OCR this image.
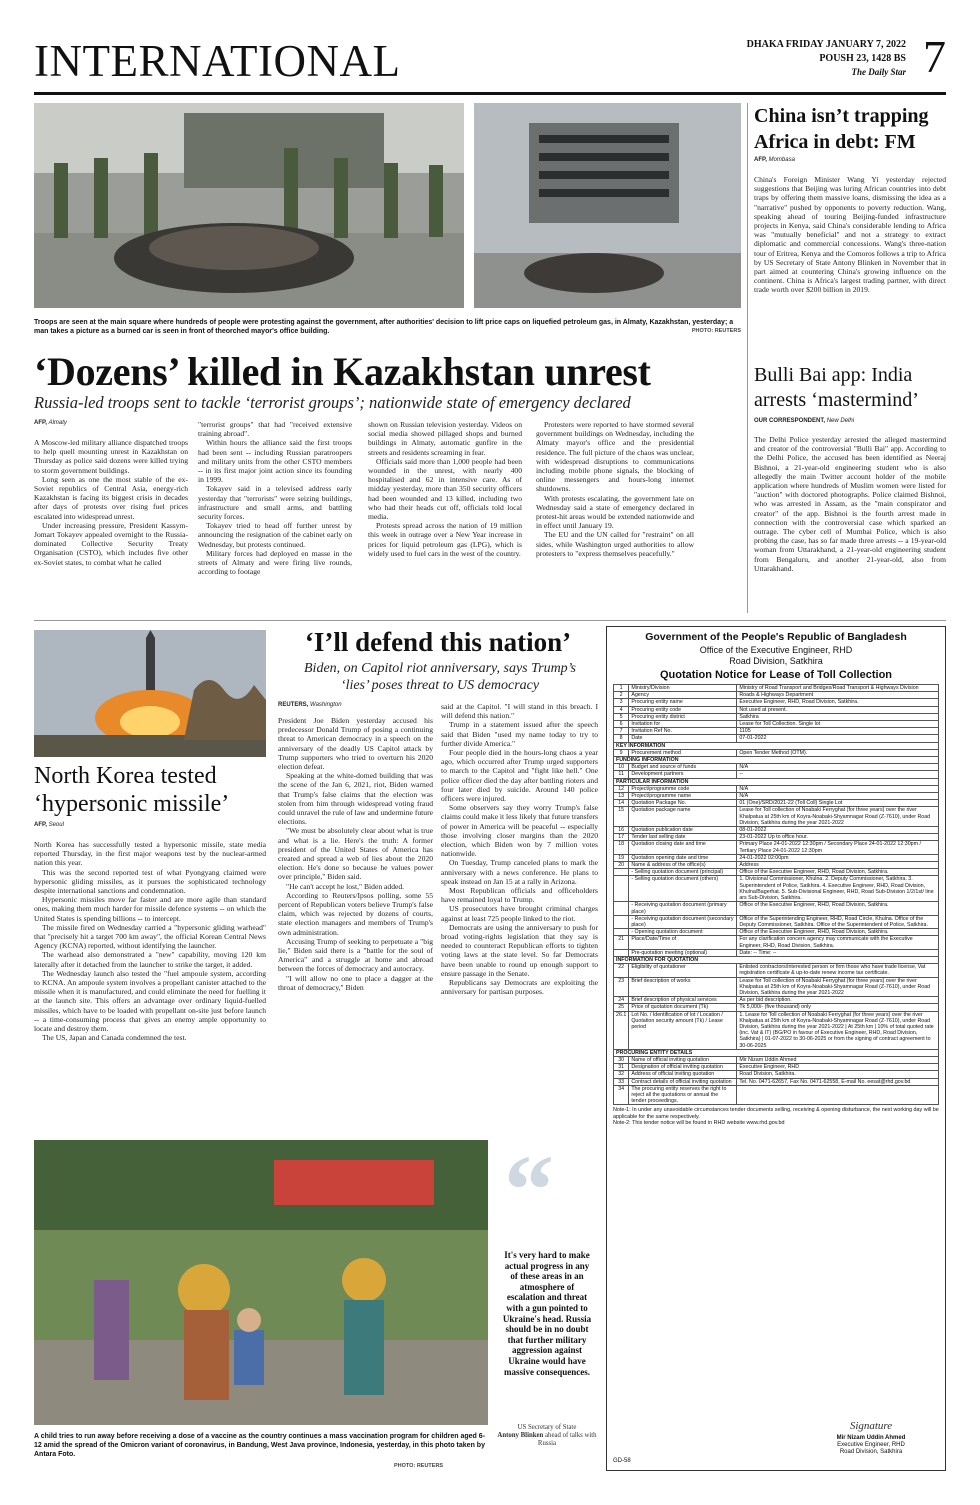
INTERNATIONAL	DHAKA FRIDAY JANUARY 7, 2022
POUSH 23, 1428 BS
The Daily Star 7
Troops are seen at the main square where hundreds of people were protesting against the government, after authorities' decision to lift price caps on liquefied petroleum gas, in Almaty, Kazakhstan, yesterday; a man takes a picture as a burned car is seen in front of theorched mayor's office building.	PHOTO: REUTERS
‘Dozens’ killed in Kazakhstan unrest
Russia-led troops sent to tackle ‘terrorist groups’; nationwide state of emergency declared
AFP, Almaty

A Moscow-led military alliance dispatched troops to help quell mounting unrest in Kazakhstan on Thursday as police said dozens were killed trying to storm government buildings.

Long seen as one the most stable of the ex-Soviet republics of Central Asia, energy-rich Kazakhstan is facing its biggest crisis in decades after days of protests over rising fuel prices escalated into widespread unrest.

Under increasing pressure, President Kassym-Jomart Tokayev appealed overnight to the Russia-dominated Collective Security Treaty Organisation (CSTO), which includes five other ex-Soviet states, to combat what he called

"terrorist groups" that had "received extensive training abroad".

Within hours the alliance said the first troops had been sent -- including Russian paratroopers and military units from the other CSTO members -- in its first major joint action since its founding in 1999.

Tokayev said in a televised address early yesterday that "terrorists" were seizing buildings, infrastructure and small arms, and battling security forces.

Tokayev tried to head off further unrest by announcing the resignation of the cabinet early on Wednesday, but protests continued.

Military forces had deployed en masse in the streets of Almaty and were firing live rounds, according to footage

shown on Russian television yesterday. Videos on social media showed pillaged shops and burned buildings in Almaty, automatic gunfire in the streets and residents screaming in fear.

Officials said more than 1,000 people had been wounded in the unrest, with nearly 400 hospitalised and 62 in intensive care. As of midday yesterday, more than 350 security officers had been wounded and 13 killed, including two who had their heads cut off, officials told local media.

Protests spread across the nation of 19 million this week in outrage over a New Year increase in prices for liquid petroleum gas (LPG), which is widely used to fuel cars in the west of the country.

Protesters were reported to have stormed several government buildings on Wednesday, including the Almaty mayor's office and the presidential residence. The full picture of the chaos was unclear, with widespread disruptions to communications including mobile phone signals, the blocking of online messengers and hours-long internet shutdowns.

With protests escalating, the government late on Wednesday said a state of emergency declared in protest-hit areas would be extended nationwide and in effect until January 19.

The EU and the UN called for "restraint" on all sides, while Washington urged authorities to allow protesters to "express themselves peacefully."

China isn’t trapping Africa in debt: FM
AFP, Mombasa

China's Foreign Minister Wang Yi yesterday rejected suggestions that Beijing was luring African countries into debt traps by offering them massive loans, dismissing the idea as a "narrative" pushed by opponents to poverty reduction. Wang, speaking ahead of touring Beijing-funded infrastructure projects in Kenya, said China's considerable lending to Africa was "mutually beneficial" and not a strategy to extract diplomatic and commercial concessions. Wang's three-nation tour of Eritrea, Kenya and the Comoros follows a trip to Africa by US Secretary of State Antony Blinken in November that in part aimed at countering China's growing influence on the continent. China is Africa's largest trading partner, with direct trade worth over $200 billion in 2019.

Bulli Bai app: India arrests ‘mastermind’
OUR CORRESPONDENT, New Delhi

The Delhi Police yesterday arrested the alleged mastermind and creator of the controversial "Bulli Bai" app. According to the Delhi Police, the accused has been identified as Neeraj Bishnoi, a 21-year-old engineering student who is also allegedly the main Twitter account holder of the mobile application where hundreds of Muslim women were listed for "auction" with doctored photographs. Police claimed Bishnoi, who was arrested in Assam, as the "main conspirator and creator" of the app. Bishnoi is the fourth arrest made in connection with the controversial case which sparked an outrage. The cyber cell of Mumbai Police, which is also probing the case, has so far made three arrests -- a 19-year-old woman from Uttarakhand, a 21-year-old engineering student from Bengaluru, and another 21-year-old, also from Uttarakhand.

North Korea tested ‘hypersonic missile’
AFP, Seoul

North Korea has successfully tested a hypersonic missile, state media reported Thursday, in the first major weapons test by the nuclear-armed nation this year.

This was the second reported test of what Pyongyang claimed were hypersonic gliding missiles, as it pursues the sophisticated technology despite international sanctions and condemnation.

Hypersonic missiles move far faster and are more agile than standard ones, making them much harder for missile defence systems -- on which the United States is spending billions -- to intercept.

The missile fired on Wednesday carried a "hypersonic gliding warhead" that "precisely hit a target 700 km away", the official Korean Central News Agency (KCNA) reported, without identifying the launcher.

The warhead also demonstrated a "new" capability, moving 120 km laterally after it detached from the launcher to strike the target, it added.

The Wednesday launch also tested the "fuel ampoule system, according to KCNA. An ampoule system involves a propellant canister attached to the missile when it is manufactured, and could eliminate the need for fuelling it at the launch site. This offers an advantage over ordinary liquid-fuelled missiles, which have to be loaded with propellant on-site just before launch -- a time-consuming process that gives an enemy ample opportunity to locate and destroy them.

The US, Japan and Canada condemned the test.

‘I’ll defend this nation’
Biden, on Capitol riot anniversary, says Trump’s ‘lies’ poses threat to US democracy
REUTERS, Washington

President Joe Biden yesterday accused his predecessor Donald Trump of posing a continuing threat to American democracy in a speech on the anniversary of the deadly US Capitol attack by Trump supporters who tried to overturn his 2020 election defeat.

Speaking at the white-domed building that was the scene of the Jan 6, 2021, riot, Biden warned that Trump's false claims that the election was stolen from him through widespread voting fraud could unravel the rule of law and undermine future elections.

"We must be absolutely clear about what is true and what is a lie. Here's the truth: A former president of the United States of America has created and spread a web of lies about the 2020 election. He's done so because he values power over principle," Biden said.

"He can't accept he lost," Biden added.

According to Reuters/Ipsos polling, some 55 percent of Republican voters believe Trump's false claim, which was rejected by dozens of courts, state election managers and members of Trump's own administration.

Accusing Trump of seeking to perpetuate a "big lie," Biden said there is a "battle for the soul of America" and a struggle at home and abroad between the forces of democracy and autocracy.

"I will allow no one to place a dagger at the throat of democracy," Biden

said at the Capitol. "I will stand in this breach. I will defend this nation."

Trump in a statement issued after the speech said that Biden "used my name today to try to further divide America."

Four people died in the hours-long chaos a year ago, which occurred after Trump urged supporters to march to the Capitol and "fight like hell." One police officer died the day after battling rioters and four later died by suicide. Around 140 police officers were injured.

Some observers say they worry Trump's false claims could make it less likely that future transfers of power in America will be peaceful -- especially those involving closer margins than the 2020 election, which Biden won by 7 million votes nationwide.

On Tuesday, Trump canceled plans to mark the anniversary with a news conference. He plans to speak instead on Jan 15 at a rally in Arizona.

Most Republican officials and officeholders have remained loyal to Trump.

US prosecutors have brought criminal charges against at least 725 people linked to the riot.

Democrats are using the anniversary to push for broad voting-rights legislation that they say is needed to counteract Republican efforts to tighten voting laws at the state level. So far Democrats have been unable to round up enough support to ensure passage in the Senate.

Republicans say Democrats are exploiting the anniversary for partisan purposes.

A child tries to run away before receiving a dose of a vaccine as the country continues a mass vaccination program for children aged 6-12 amid the spread of the Omicron variant of coronavirus, in Bandung, West Java province, Indonesia, yesterday, in this photo taken by Antara Foto.
PHOTO: REUTERS
“
It's very hard to make actual progress in any of these areas in an atmosphere of escalation and threat with a gun pointed to Ukraine's head. Russia should be in no doubt that further military aggression against Ukraine would have massive consequences.
US Secretary of State
Antony Blinken ahead of talks with Russia
Government of the People's Republic of Bangladesh
Office of the Executive Engineer, RHD
Road Division, Satkhira
Quotation Notice for Lease of Toll Collection
1	Ministry/Division	Ministry of Road Transport and Bridges/Road Transport & Highways Division
2	Agency	Roads & Highways Department
3	Procuring entity name	Executive Engineer, RHD, Road Division, Satkhira.
4	Procuring entity code	Not used at present.
5	Procuring entity district	Satkhira
6	Invitation for	Lease for Toll Collection. Single lot
7	Invitation Ref No.	1105
8	Date	07-01-2022
KEY INFORMATION		
9	Procurement method	Open Tender Method (OTM).
FUNDING INFORMATION		
10	Budget and source of funds	N/A
11	Development partners	--
PARTICULAR INFORMATION		
12	Project/programme code	N/A
13	Project/programme name	N/A
14	Quotation Package No.	01 (One)/SRD/2021-22 (Toll Coll) Single Lot
15	Quotation package name	Lease for Toll collection of Noabaki Ferryghat (for three years) over the river Khalpatua at 25th km of Koyra-Noabaki-Shyamnagar Road (Z-7610), under Road Division, Satkhira during the year 2021-2022
16	Quotation publication date	08-01-2022
17	Tender last selling date	23-01-2022 Up to office hour.
18	Quotation closing date and time	Primary Place 24-01-2022 12:30pm / Secondary Place 24-01-2022 12:30pm / Tertiary Place 24-01-2022 12:30pm
19	Quotation opening date and time	24-01-2022 02:00pm
20	Name & address of the office(s)	Address
	- Selling quotation document (principal)	Office of the Executive Engineer, RHD, Road Division, Satkhira.
	- Selling quotation document (others)	1. Divisional Commissioner, Khulna. 2. Deputy Commissioner, Satkhira. 3. Superintendent of Police, Satkhira. 4. Executive Engineer, RHD, Road Division, Khulna/Bagerhat. 5. Sub-Divisional Engineer, RHD, Road Sub-Division 1/2/1st/ line ars Sub-Division, Satkhira.
	- Receiving quotation document (primary place)	Office of the Executive Engineer, RHD, Road Division, Satkhira.
	- Receiving quotation document (secondary place)	Office of the Superintending Engineer, RHD, Road Circle, Khulna. Office of the Deputy Commissioner, Satkhira. Office of the Superintendent of Police, Satkhira.
	- Opening quotation document	Office of the Executive Engineer, RHD, Road Division, Satkhira.
21	Place/Date/Time of	For any clarification concern agency may communicate with the Executive Engineer, RHD, Road Division, Satkhira.
	Pre-quotation meeting (optional)	Date: -- Time: --
INFORMATION FOR QUOTATION		
22	Eligibility of quotationer	Enlisted contractors/interested person or firm those who have trade license, Vat registration certificate & up-to-date renew income tax certificate.
23	Brief description of works	Lease for Toll collection of Noabaki Ferryghat (for three years) over the river Khalpatua at 25th km of Koyra-Noabaki-Shyamnagar Road (Z-7610), under Road Division, Satkhira during the year 2021-2022
24	Brief description of physical services	As per bid description.
25	Price of quotation document (Tk)	Tk 5,000/- (five thousand) only
26.1	Lot No. / Identification of lot / Location / Quotation security amount (Tk) / Lease period	1. Lease for Toll collection of Noabaki Ferryghat (for three years) over the river Khalpatua at 25th km of Koyra-Noabaki-Shyamnagar Road (Z-7610), under Road Division, Satkhira during the year 2021-2022 | At 25th km | 10% of total quoted rate (inc. Vat & IT) (BG/PO in favour of Executive Engineer, RHD, Road Division, Satkhira) | 01-07-2022 to 30-06-2025 or from the signing of contract agreement to 30-06-2025
PROCURING ENTITY DETAILS		
30	Name of official inviting quotation	Mir Nizam Uddin Ahmed
31	Designation of official inviting quotation	Executive Engineer, RHD
32	Address of official inviting quotation	Road Division, Satkhira.
33	Contract details of official inviting quotation	Tel. No. 0471-62657, Fax No. 0471-62558, E-mail No. eesat@rhd.gov.bd
34	The procuring entity reserves the right to reject all the quotations or annual the tender proceedings.	
Note-1: In under any unavoidable circumstances tender documents selling, receiving & opening disturbance, the next working day will be applicable for the same respectively.
Note-2: This tender notice will be found in RHD website www.rhd.gov.bd
Signature
Mir Nizam Uddin Ahmed
Executive Engineer, RHD
Road Division, Satkhira
GD-58
